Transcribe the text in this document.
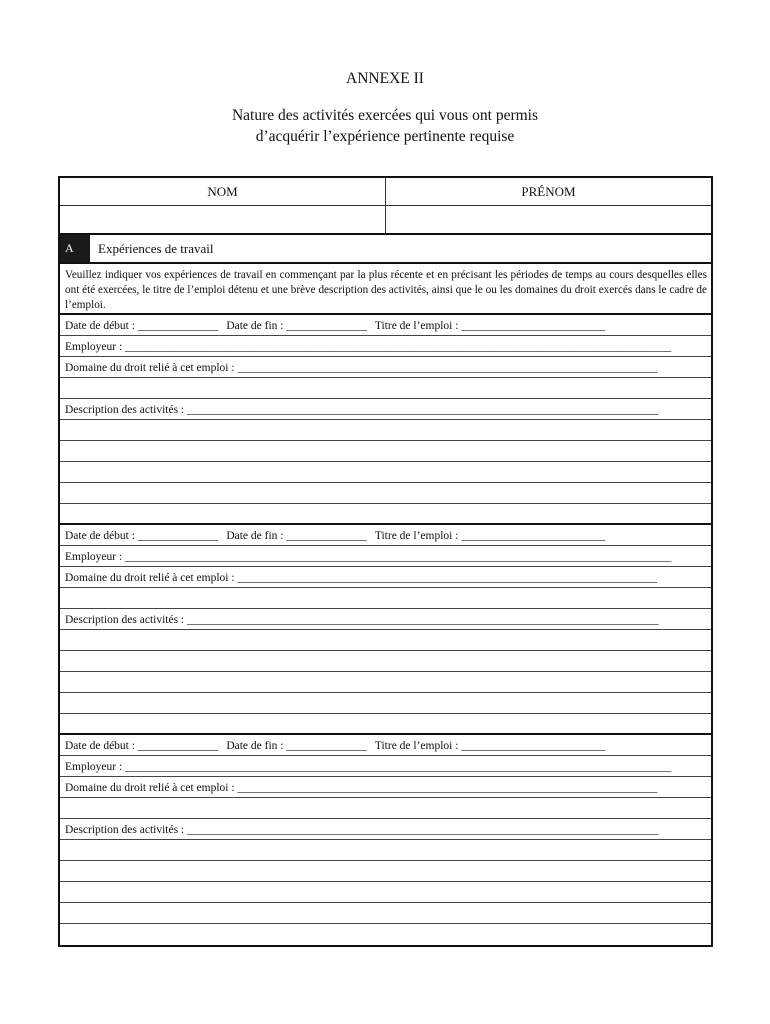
ANNEXE II
Nature des activités exercées qui vous ont permis
d’acquérir l’expérience pertinente requise
NOM	PRÉNOM
A	Expériences de travail
Veuillez indiquer vos expériences de travail en commençant par la plus récente et en précisant les périodes de temps au cours desquelles elles ont été exercées, le titre de l’emploi détenu et une brève description des activités, ainsi que le ou les domaines du droit exercés dans le cadre de l’emploi.
Date de début : ______________ Date de fin : ______________ Titre de l’emploi : _________________________
Employeur : _______________________________________________________________________________________________
Domaine du droit relié à cet emploi : _________________________________________________________________________
Description des activités : __________________________________________________________________________________
Date de début : ______________ Date de fin : ______________ Titre de l’emploi : _________________________
Employeur : _______________________________________________________________________________________________
Domaine du droit relié à cet emploi : _________________________________________________________________________
Description des activités : __________________________________________________________________________________
Date de début : ______________ Date de fin : ______________ Titre de l’emploi : _________________________
Employeur : _______________________________________________________________________________________________
Domaine du droit relié à cet emploi : _________________________________________________________________________
Description des activités : __________________________________________________________________________________
